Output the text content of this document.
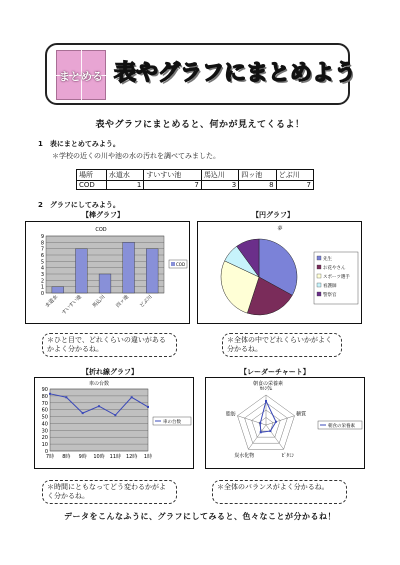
まとめる 表やグラフにまとめよう
表やグラフにまとめると、何かが見えてくるよ！
1　表にまとめてみよう。
＊学校の近くの川や池の水の汚れを調べてみました。
場所	水道水	すいすい池	馬込川	四ッ池	どぶ川
COD	1	7	3	8	7
2　グラフにしてみよう。
【棒グラフ】	【円グラフ】
COD
0
1
2
3
4
5
6
7
8
9
水道水 すいすい池 馬込川 四ッ池 どぶ川
COD
夢
先生
お花やさん
スポーツ選手
看護師
警察官
＊ひと目で、どれくらいの違いがあるかよく分かるね。
＊全体の中でどれくらいかがよく分かるね。
【折れ線グラフ】	【レーダーチャート】
車の台数
0
10
20
30
40
50
60
70
80
90
7時 8時 9時 10時 11時 12時 1時
車の台数
朝食の栄養素
ｶﾙｼｳﾑ
糖質
ﾋﾞﾀﾐﾝ
炭水化物
脂肪
朝食の栄養素
＊時間にともなってどう変わるかがよく分かるね。
＊全体のバランスがよく分かるね。
データをこんなふうに、グラフにしてみると、色々なことが分かるね！
